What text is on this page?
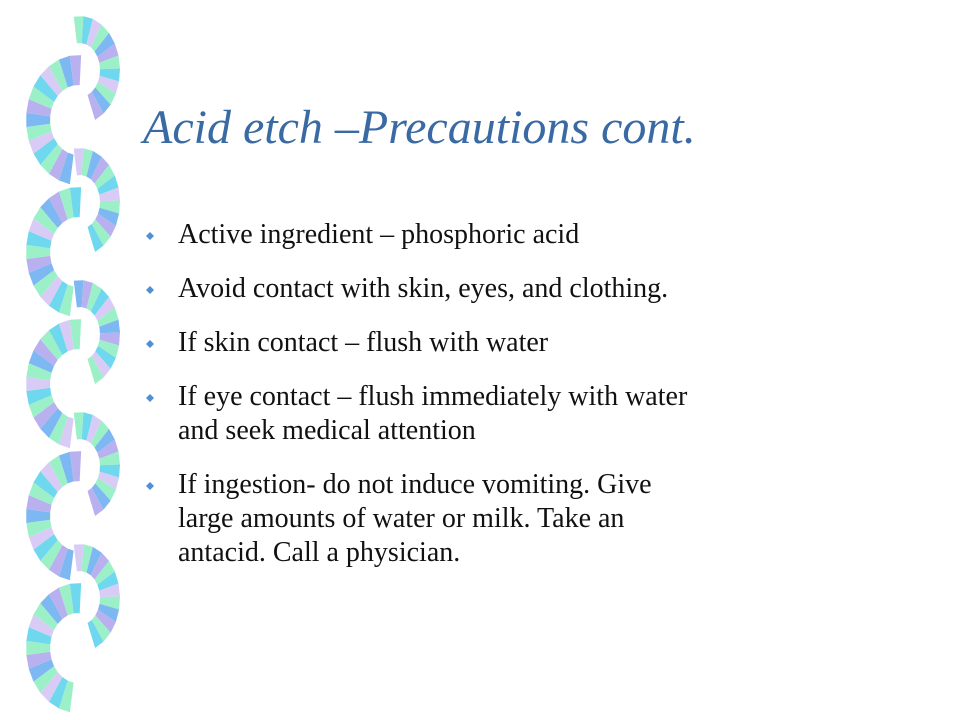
Acid etch –Precautions cont.
Active ingredient – phosphoric acid
Avoid contact with skin, eyes, and clothing.
If skin contact – flush with water
If eye contact – flush immediately with water
and seek medical attention
If ingestion- do not induce vomiting. Give
large amounts of water or milk. Take an
antacid. Call a physician.
